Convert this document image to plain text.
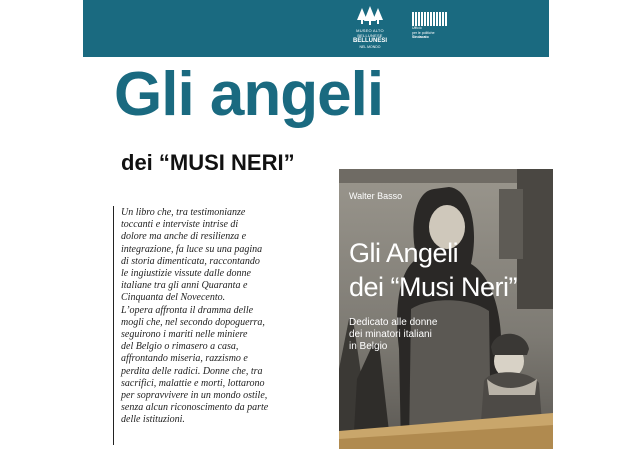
MUSEO ALTO BELLUNESE
BELLUNESI
NEL MONDO
Ufficio
per le politiche
Sindacato
Gli angeli
dei “MUSI NERI”

Un libro che, tra testimonianze
toccanti e interviste intrise di
dolore ma anche di resilienza e
integrazione, fa luce su una pagina
di storia dimenticata, raccontando
le ingiustizie vissute dalle donne
italiane tra gli anni Quaranta e
Cinquanta del Novecento.
L’opera affronta il dramma delle
mogli che, nel secondo dopoguerra,
seguirono i mariti nelle miniere
del Belgio o rimasero a casa,
affrontando miseria, razzismo e
perdita delle radici. Donne che, tra
sacrifici, malattie e morti, lottarono
per sopravvivere in un mondo ostile,
senza alcun riconoscimento da parte
delle istituzioni.

Walter Basso
Gli Angeli
dei “Musi Neri”
Dedicato alle donne
dei minatori italiani
in Belgio
